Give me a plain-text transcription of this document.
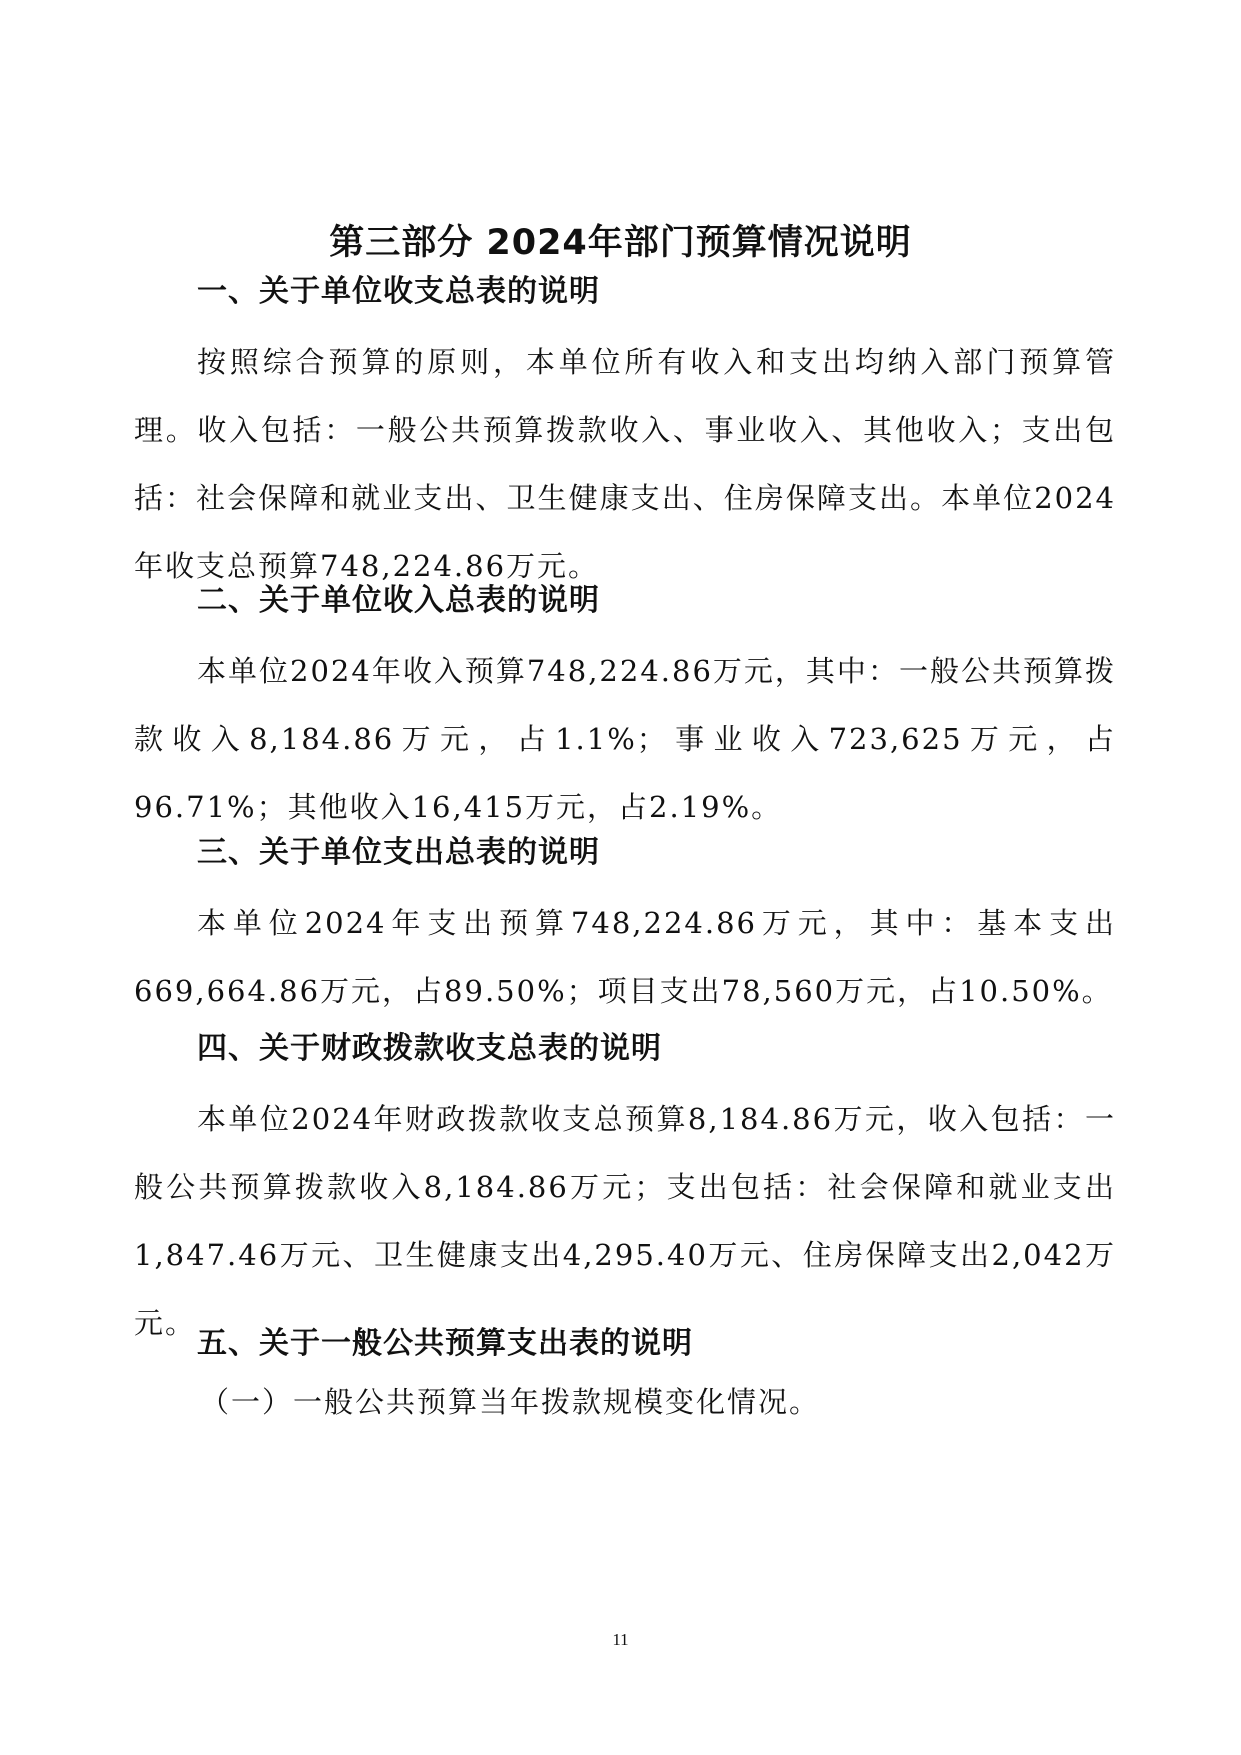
第三部分 2024年部门预算情况说明
一、关于单位收支总表的说明

按照综合预算的原则，本单位所有收入和支出均纳入部门预算管理。收入包括：一般公共预算拨款收入、事业收入、其他收入；支出包括：社会保障和就业支出、卫生健康支出、住房保障支出。本单位2024年收支总预算748,224.86万元。

二、关于单位收入总表的说明

本单位2024年收入预算748,224.86万元，其中：一般公共预算拨款收入8,184.86万元，占1.1%；事业收入723,625万元，占96.71%；其他收入16,415万元，占2.19%。

三、关于单位支出总表的说明

本单位2024年支出预算748,224.86万元，其中：基本支出669,664.86万元，占89.50%；项目支出78,560万元，占10.50%。

四、关于财政拨款收支总表的说明

本单位2024年财政拨款收支总预算8,184.86万元，收入包括：一般公共预算拨款收入8,184.86万元；支出包括：社会保障和就业支出1,847.46万元、卫生健康支出4,295.40万元、住房保障支出2,042万元。

五、关于一般公共预算支出表的说明
（一）一般公共预算当年拨款规模变化情况。
11
